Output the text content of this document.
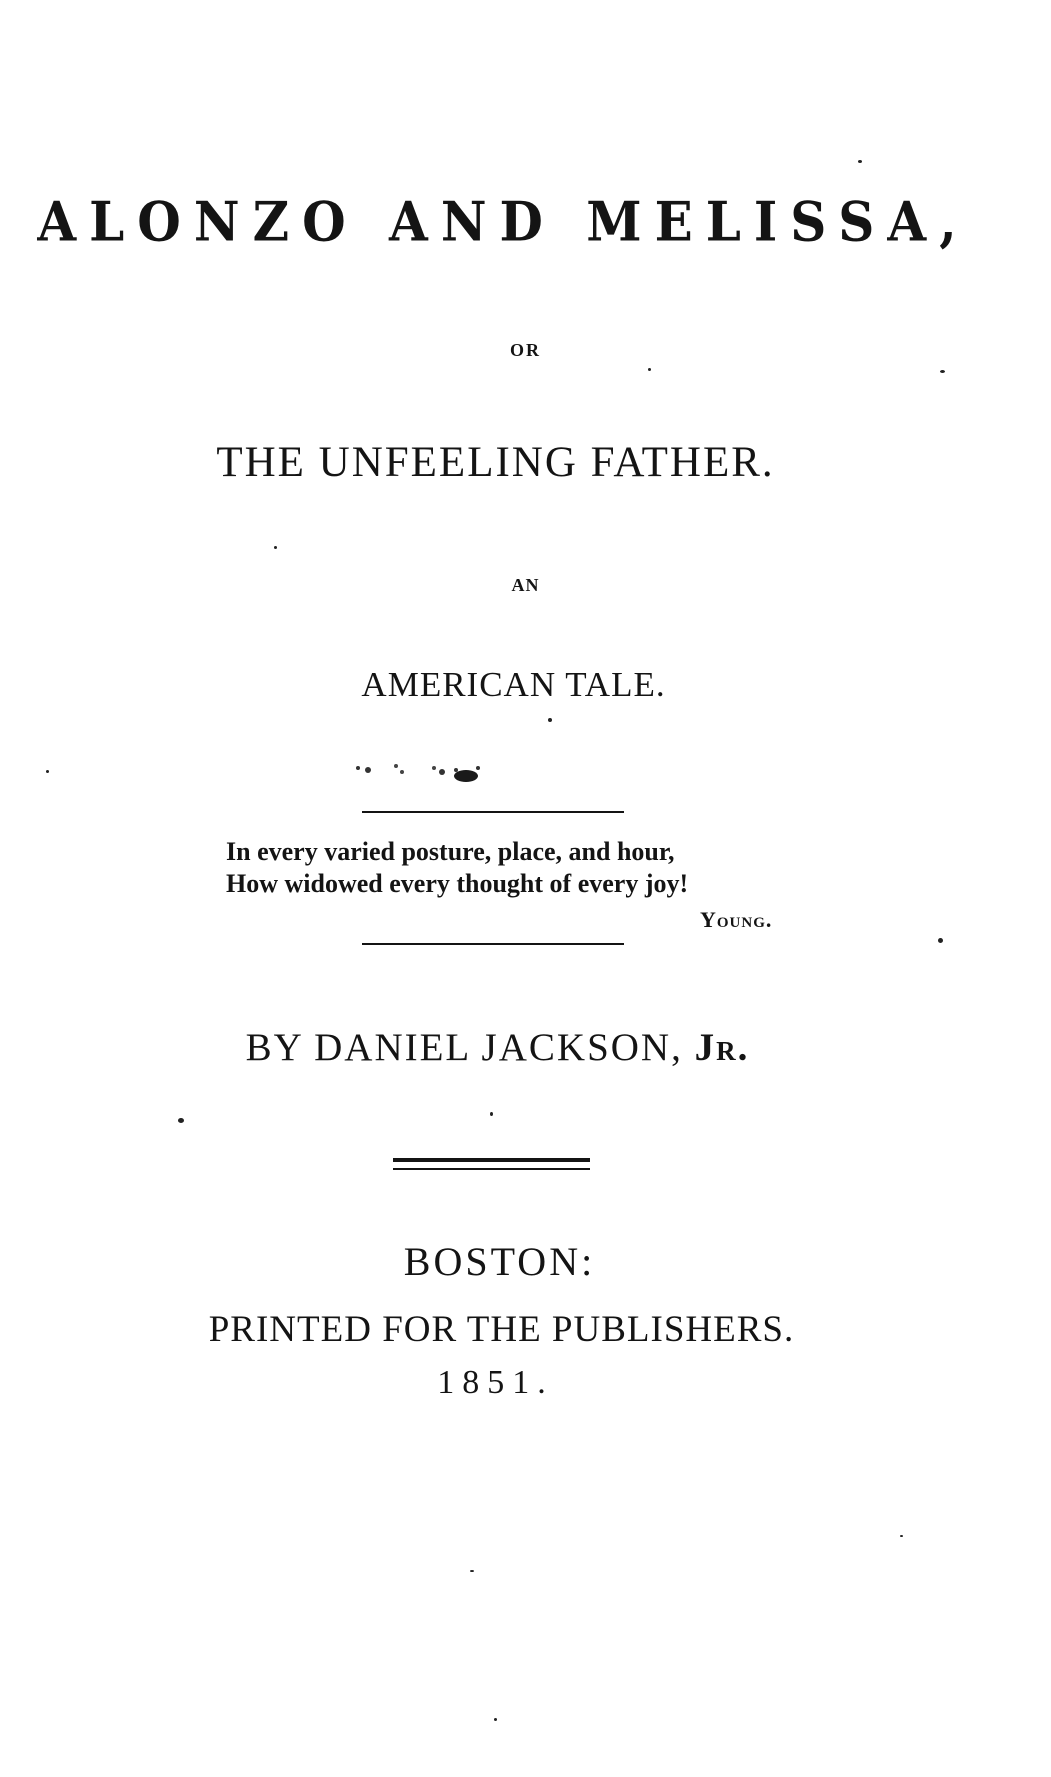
ALONZO AND MELISSA,
OR
THE UNFEELING FATHER.
AN
AMERICAN TALE.
In every varied posture, place, and hour,
How widowed every thought of every joy!
Young.
BY DANIEL JACKSON, Jr.
BOSTON:
PRINTED FOR THE PUBLISHERS.
1851.
